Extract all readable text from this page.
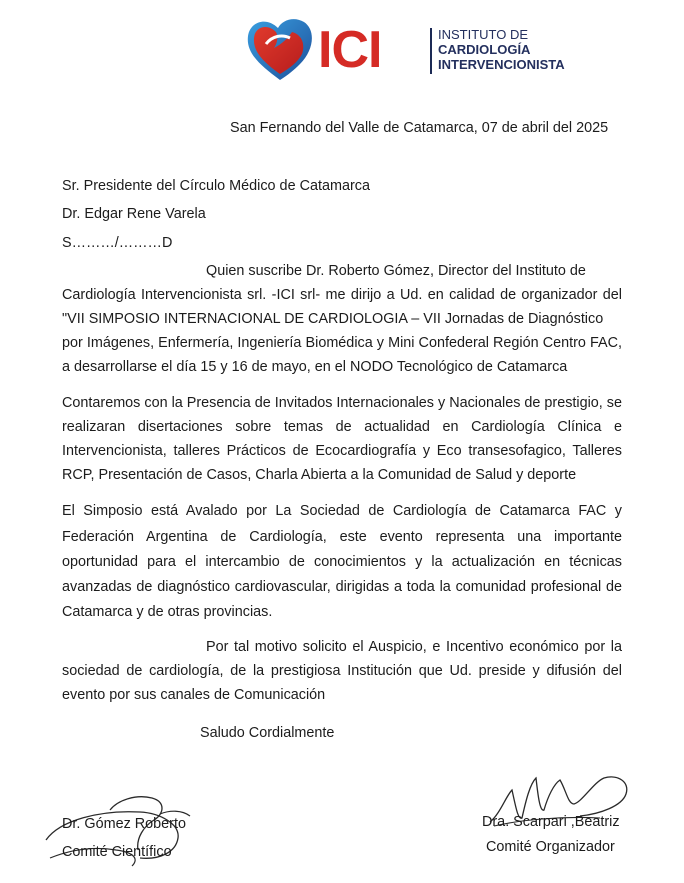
ICI	INSTITUTO DE
CARDIOLOGÍA
INTERVENCIONISTA
San Fernando del Valle de Catamarca, 07 de abril del 2025
Sr. Presidente del Círculo Médico de Catamarca
Dr. Edgar Rene Varela
S………/………D
Quien suscribe Dr. Roberto Gómez, Director del Instituto de
Cardiología Intervencionista srl. -ICI srl- me dirijo a Ud. en calidad de organizador del
"VII SIMPOSIO INTERNACIONAL DE CARDIOLOGIA – VII Jornadas de Diagnóstico
por Imágenes, Enfermería, Ingeniería Biomédica y Mini Confederal Región Centro FAC,
a desarrollarse el día 15 y 16 de mayo, en el NODO Tecnológico de Catamarca
Contaremos con la Presencia de Invitados Internacionales y Nacionales de prestigio, se
realizaran disertaciones sobre temas de actualidad en Cardiología Clínica e
Intervencionista, talleres Prácticos de Ecocardiografía y Eco transesofagico, Talleres
RCP, Presentación de Casos, Charla Abierta a la Comunidad de Salud y deporte
El Simposio está Avalado por La Sociedad de Cardiología de Catamarca FAC y
Federación Argentina de Cardiología, este evento representa una importante
oportunidad para el intercambio de conocimientos y la actualización en técnicas
avanzadas de diagnóstico cardiovascular, dirigidas a toda la comunidad profesional de
Catamarca y de otras provincias.
Por tal motivo solicito el Auspicio, e Incentivo económico por la
sociedad de cardiología, de la prestigiosa Institución que Ud. preside y difusión del
evento por sus canales de Comunicación
Saludo Cordialmente
Dr. Gómez Roberto
Comité Científico
Dra. Scarpari ,Beatriz
Comité Organizador
